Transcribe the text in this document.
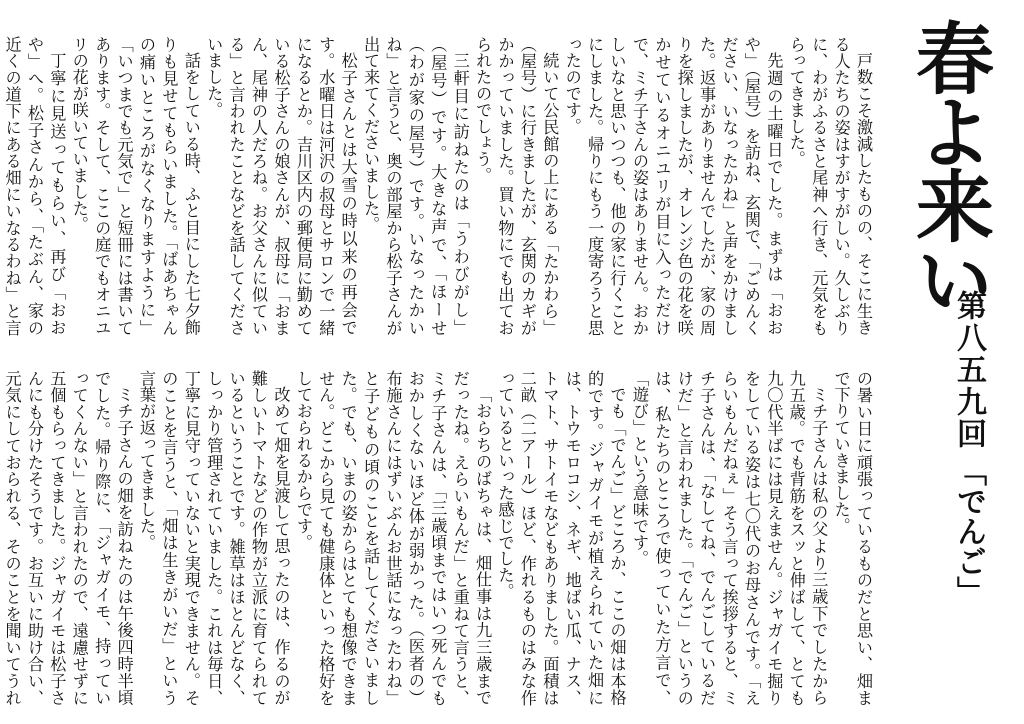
春よ来い
第八五九回
「でんご」

戸数こそ激減したものの、そこに生きる人たちの姿はすがすがしい。久しぶりに、わがふるさと尾神へ行き、元気をもらってきました。

先週の土曜日でした。まずは「おおや」（屋号）を訪ね、玄関で、「ごめんください、いなったかね」と声をかけました。返事がありませんでしたが、家の周りを探しましたが、オレンジ色の花を咲かせているオニユリが目に入っただけで、ミチ子さんの姿はありません。おかしいなと思いつつも、他の家に行くことにしました。帰りにもう一度寄ろうと思ったのです。

続いて公民館の上にある「たかわら」（屋号）に行きましたが、玄関のカギがかかっていました。買い物にでも出ておられたのでしょう。

三軒目に訪ねたのは「うわびがし」（屋号）です。大きな声で、「ほーせ（わが家の屋号）です。いなったかいね」と言うと、奥の部屋から松子さんが出て来てくださいました。

松子さんとは大雪の時以来の再会です。水曜日は河沢の叔母とサロンで一緒になるとか。吉川区内の郵便局に勤めている松子さんの娘さんが、叔母に「おまん、尾神の人だろね。お父さんに似ている」と言われたことなどを話してくださいました。

話をしている時、ふと目にした七夕飾りも見せてもらいました。「ばあちゃんの痛いところがなくなりますように」「いつまでも元気で」と短冊には書いてあります。そして、ここの庭でもオニユリの花が咲いていました。

丁寧に見送ってもらい、再び「おおや」へ。松子さんから、「たぶん、家の近くの道下にある畑にいなるわね」と言

の暑い日に頑張っているものだと思い、畑まで下りていきました。

ミチ子さんは私の父より三歳下でしたから九五歳。でも背筋をスッと伸ばして、とても九〇代半ばには見えません。ジャガイモ掘りをしている姿は七〇代のお母さんです。「えらいもんだねぇ」そう言って挨拶すると、ミチ子さんは、「なしてね、でんごしているだけだ」と言われました。「でんご」というのは、私たちのところで使っていた方言で、「遊び」という意味です。

でも「でんご」どころか、ここの畑は本格的です。ジャガイモが植えられていた畑には、トウモロコシ、ネギ、地ばい瓜、ナス、トマト、サトイモなどもありました。面積は二畝（二アール）ほど、作れるものはみな作っているといった感じでした。

「おらちのばちゃは、畑仕事は九三歳までだったね。えらいもんだ」と重ねて言うと、ミチ子さんは、「三歳頃まではいつ死んでもおかしくないほど体が弱かった。（医者の）布施さんにはずいぶんお世話になったわね」と子どもの頃のことを話してくださいました。でも、いまの姿からはとても想像できません。どこから見ても健康体といった格好をしておられるからです。

改めて畑を見渡して思ったのは、作るのが難しいトマトなどの作物が立派に育てられているということです。雑草はほとんどなく、しっかり管理されていました。これは毎日、丁寧に見守っていないと実現できません。そのことを言うと、「畑は生きがいだ」という言葉が返ってきました。

ミチ子さんの畑を訪ねたのは午後四時半頃でした。帰り際に、「ジャガイモ、持っていってくんない」と言われたので、遠慮せずに五個もらってきました。ジャガイモは松子さんにも分けたそうです。お互いに助け合い、元気にしておられる、そのことを聞いてうれ
